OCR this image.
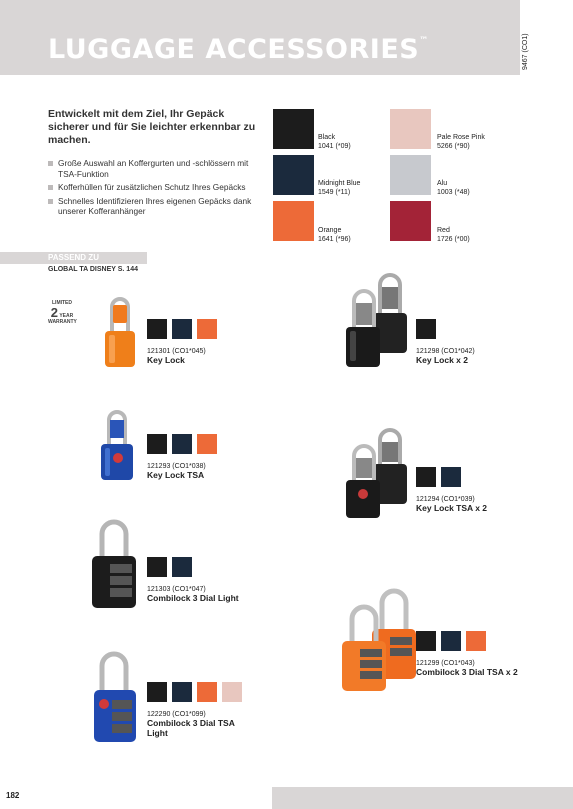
LUGGAGE ACCESSORIES™
Entwickelt mit dem Ziel, Ihr Gepäck sicherer und für Sie leichter erkennbar zu machen.
Große Auswahl an Koffergurten und -schlössern mit TSA-Funktion
Kofferhüllen für zusätzlichen Schutz Ihres Gepäcks
Schnelles Identifizieren Ihres eigenen Gepäcks dank unserer Kofferanhänger
Black
1041 (*09)
Midnight Blue
1549 (*11)
Orange
1641 (*96)
Pale Rose Pink
5266 (*90)
Alu
1003 (*48)
Red
1726 (*00)
PASSEND ZU
GLOBAL TA DISNEY S. 144
LIMITED
2 YEAR
WARRANTY
121301 (CO1*045)
Key Lock
121298 (CO1*042)
Key Lock x 2
121293 (CO1*038)
Key Lock TSA
121294 (CO1*039)
Key Lock TSA x 2
121303 (CO1*047)
Combilock 3 Dial Light
121299 (CO1*043)
Combilock 3 Dial TSA x 2
122290 (CO1*099)
Combilock 3 Dial TSA Light
182
